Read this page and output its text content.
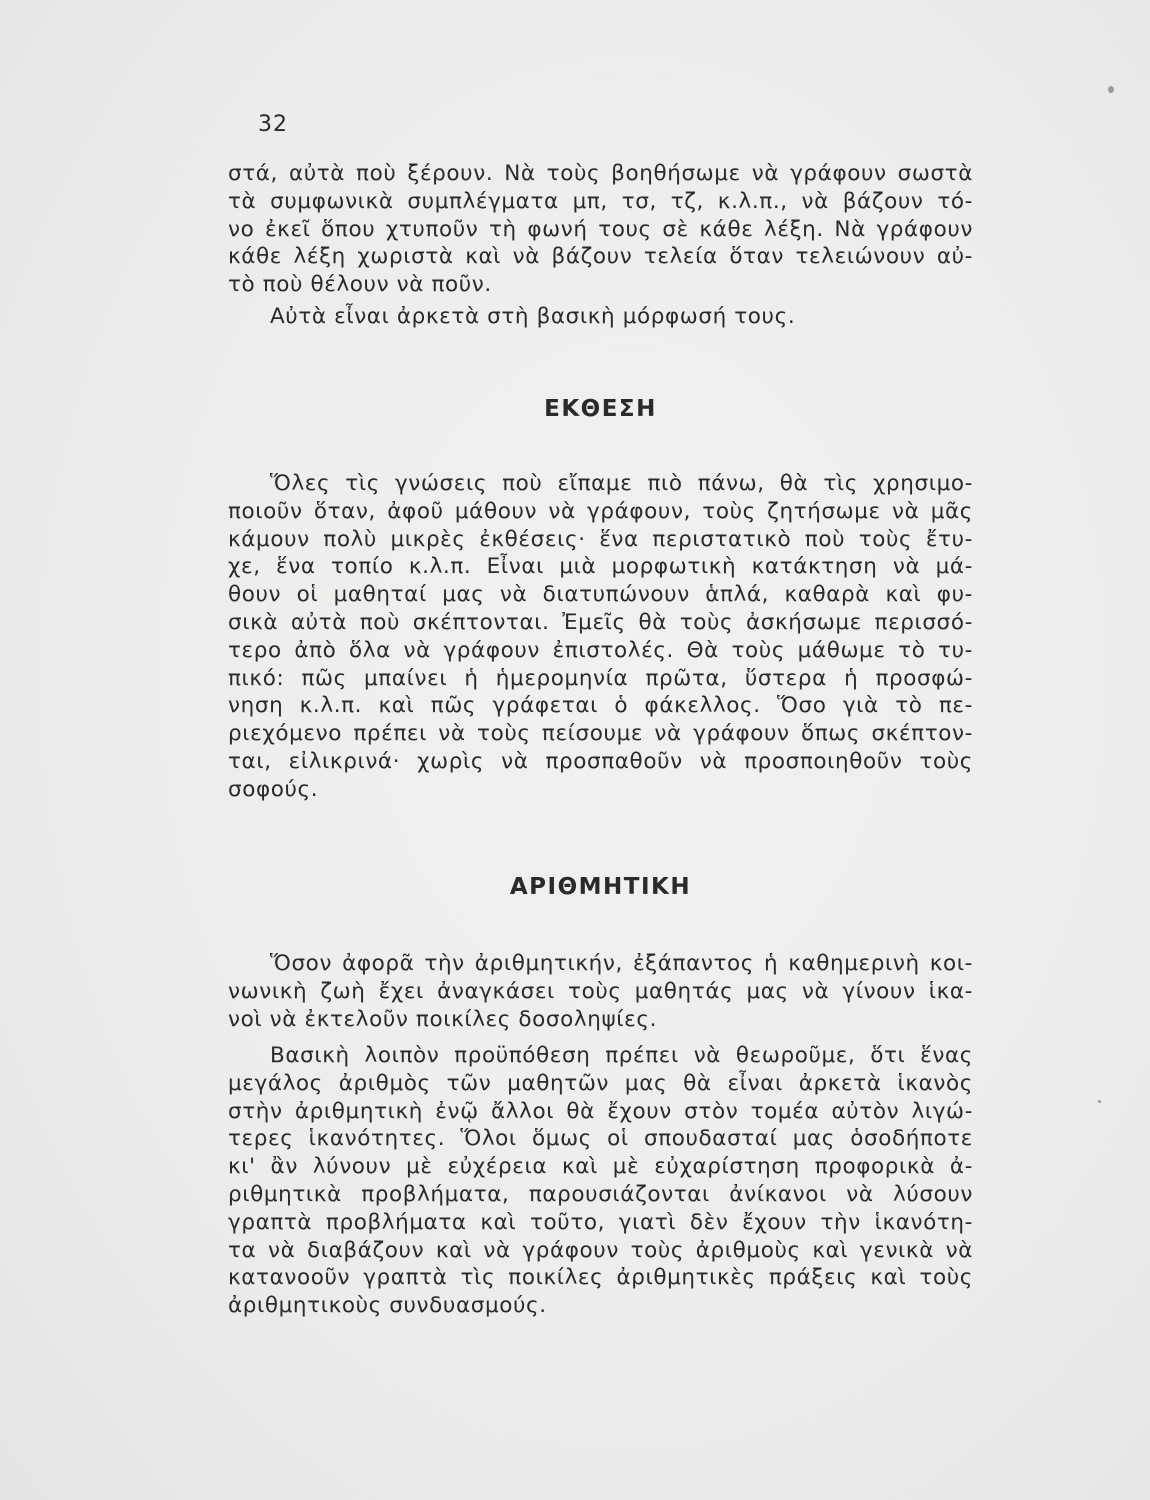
32
στά, αὐτὰ ποὺ ξέρουν. Νὰ τοὺς βοηθήσωμε νὰ γράφουν σωστὰ
τὰ συμφωνικὰ συμπλέγματα μπ, τσ, τζ, κ.λ.π., νὰ βάζουν τό-
νο ἐκεῖ ὅπου χτυποῦν τὴ φωνή τους σὲ κάθε λέξη. Νὰ γράφουν
κάθε λέξη χωριστὰ καὶ νὰ βάζουν τελεία ὅταν τελειώνουν αὐ-
τὸ ποὺ θέλουν νὰ ποῦν.
Αὐτὰ εἶναι ἀρκετὰ στὴ βασικὴ μόρφωσή τους.
ΕΚΘΕΣΗ
Ὅλες τὶς γνώσεις ποὺ εἴπαμε πιὸ πάνω, θὰ τὶς χρησιμο-
ποιοῦν ὅταν, ἀφοῦ μάθουν νὰ γράφουν, τοὺς ζητήσωμε νὰ μᾶς
κάμουν πολὺ μικρὲς ἐκθέσεις· ἕνα περιστατικὸ ποὺ τοὺς ἔτυ-
χε, ἕνα τοπίο κ.λ.π. Εἶναι μιὰ μορφωτικὴ κατάκτηση νὰ μά-
θουν οἱ μαθηταί μας νὰ διατυπώνουν ἁπλά, καθαρὰ καὶ φυ-
σικὰ αὐτὰ ποὺ σκέπτονται. Ἐμεῖς θὰ τοὺς ἀσκήσωμε περισσό-
τερο ἀπὸ ὅλα νὰ γράφουν ἐπιστολές. Θὰ τοὺς μάθωμε τὸ τυ-
πικό: πῶς μπαίνει ἡ ἡμερομηνία πρῶτα, ὕστερα ἡ προσφώ-
νηση κ.λ.π. καὶ πῶς γράφεται ὁ φάκελλος. Ὅσο γιὰ τὸ πε-
ριεχόμενο πρέπει νὰ τοὺς πείσουμε νὰ γράφουν ὅπως σκέπτον-
ται, εἰλικρινά· χωρὶς νὰ προσπαθοῦν νὰ προσποιηθοῦν τοὺς
σοφούς.
ΑΡΙΘΜΗΤΙΚΗ
Ὅσον ἀφορᾶ τὴν ἀριθμητικήν, ἐξάπαντος ἡ καθημερινὴ κοι-
νωνικὴ ζωὴ ἔχει ἀναγκάσει τοὺς μαθητάς μας νὰ γίνουν ἱκα-
νοὶ νὰ ἐκτελοῦν ποικίλες δοσοληψίες.
Βασικὴ λοιπὸν προϋπόθεση πρέπει νὰ θεωροῦμε, ὅτι ἕνας
μεγάλος ἀριθμὸς τῶν μαθητῶν μας θὰ εἶναι ἀρκετὰ ἱκανὸς
στὴν ἀριθμητικὴ ἐνῷ ἄλλοι θὰ ἔχουν στὸν τομέα αὐτὸν λιγώ-
τερες ἱκανότητες. Ὅλοι ὅμως οἱ σπουδασταί μας ὁσοδήποτε
κι' ἂν λύνουν μὲ εὐχέρεια καὶ μὲ εὐχαρίστηση προφορικὰ ἀ-
ριθμητικὰ προβλήματα, παρουσιάζονται ἀνίκανοι νὰ λύσουν
γραπτὰ προβλήματα καὶ τοῦτο, γιατὶ δὲν ἔχουν τὴν ἱκανότη-
τα νὰ διαβάζουν καὶ νὰ γράφουν τοὺς ἀριθμοὺς καὶ γενικὰ νὰ
κατανοοῦν γραπτὰ τὶς ποικίλες ἀριθμητικὲς πράξεις καὶ τοὺς
ἀριθμητικοὺς συνδυασμούς.
